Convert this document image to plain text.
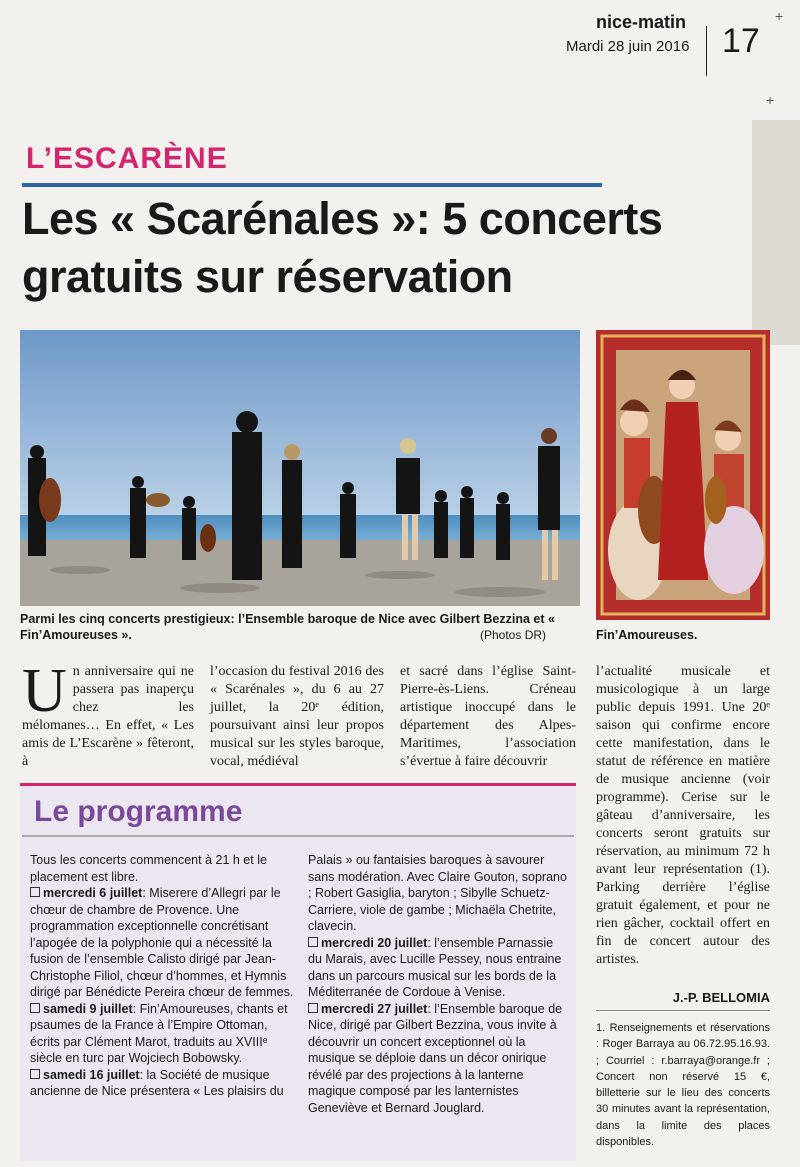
+
+
nice-matin
Mardi 28 juin 2016 17
L’ESCARÈNE
Les « Scarénales »: 5 concerts
gratuits sur réservation
Parmi les cinq concerts prestigieux: l’Ensemble baroque de Nice avec Gilbert Bezzina et « Fin’Amoureuses ».	(Photos DR)	Fin’Amoureuses.
Un anniversaire qui ne passera pas inaperçu chez les mélomanes… En effet, « Les amis de L’Escarène » fêteront, à
l’occasion du festival 2016 des « Scarénales », du 6 au 27 juillet, la 20ᵉ édition, poursuivant ainsi leur propos musical sur les styles baroque, vocal, médiéval
et sacré dans l’église Saint-Pierre-ès-Liens. Créneau artistique inoccupé dans le département des Alpes-Maritimes, l’association s’évertue à faire découvrir
l’actualité musicale et musicologique à un large public depuis 1991. Une 20ᵉ saison qui confirme encore cette manifestation, dans le statut de référence en matière de musique ancienne (voir programme). Cerise sur le gâteau d’anniversaire, les concerts seront gratuits sur réservation, au minimum 72 h avant leur représentation (1). Parking derrière l’église gratuit également, et pour ne rien gâcher, cocktail offert en fin de concert autour des artistes.
J.-P. BELLOMIA
1. Renseignements et réservations : Roger Barraya au 06.72.95.16.93. ; Courriel : r.barraya@orange.fr ; Concert non réservé 15 €, billetterie sur le lieu des concerts 30 minutes avant la représentation, dans la limite des places disponibles.
Le programme
Tous les concerts commencent à 21 h et le placement est libre.
mercredi 6 juillet: Miserere d’Allegri par le chœur de chambre de Provence. Une programmation exceptionnelle concrétisant l’apogée de la polyphonie qui a nécessité la fusion de l’ensemble Calisto dirigé par Jean-Christophe Filiol, chœur d’hommes, et Hymnis dirigé par Bénédicte Pereira chœur de femmes.
samedi 9 juillet: Fin’Amoureuses, chants et psaumes de la France à l’Empire Ottoman, écrits par Clément Marot, traduits au XVIIIᵉ siècle en turc par Wojciech Bobowsky.
samedi 16 juillet: la Société de musique ancienne de Nice présentera « Les plaisirs du
Palais » ou fantaisies baroques à savourer sans modération. Avec Claire Gouton, soprano ; Robert Gasiglia, baryton ; Sibylle Schuetz-Carriere, viole de gambe ; Michaëla Chetrite, clavecin.
mercredi 20 juillet: l’ensemble Parnassie du Marais, avec Lucille Pessey, nous entraine dans un parcours musical sur les bords de la Méditerranée de Cordoue à Venise.
mercredi 27 juillet: l’Ensemble baroque de Nice, dirigé par Gilbert Bezzina, vous invite à découvrir un concert exceptionnel où la musique se déploie dans un décor onirique révélé par des projections à la lanterne magique composé par les lanternistes Geneviève et Bernard Jouglard.
